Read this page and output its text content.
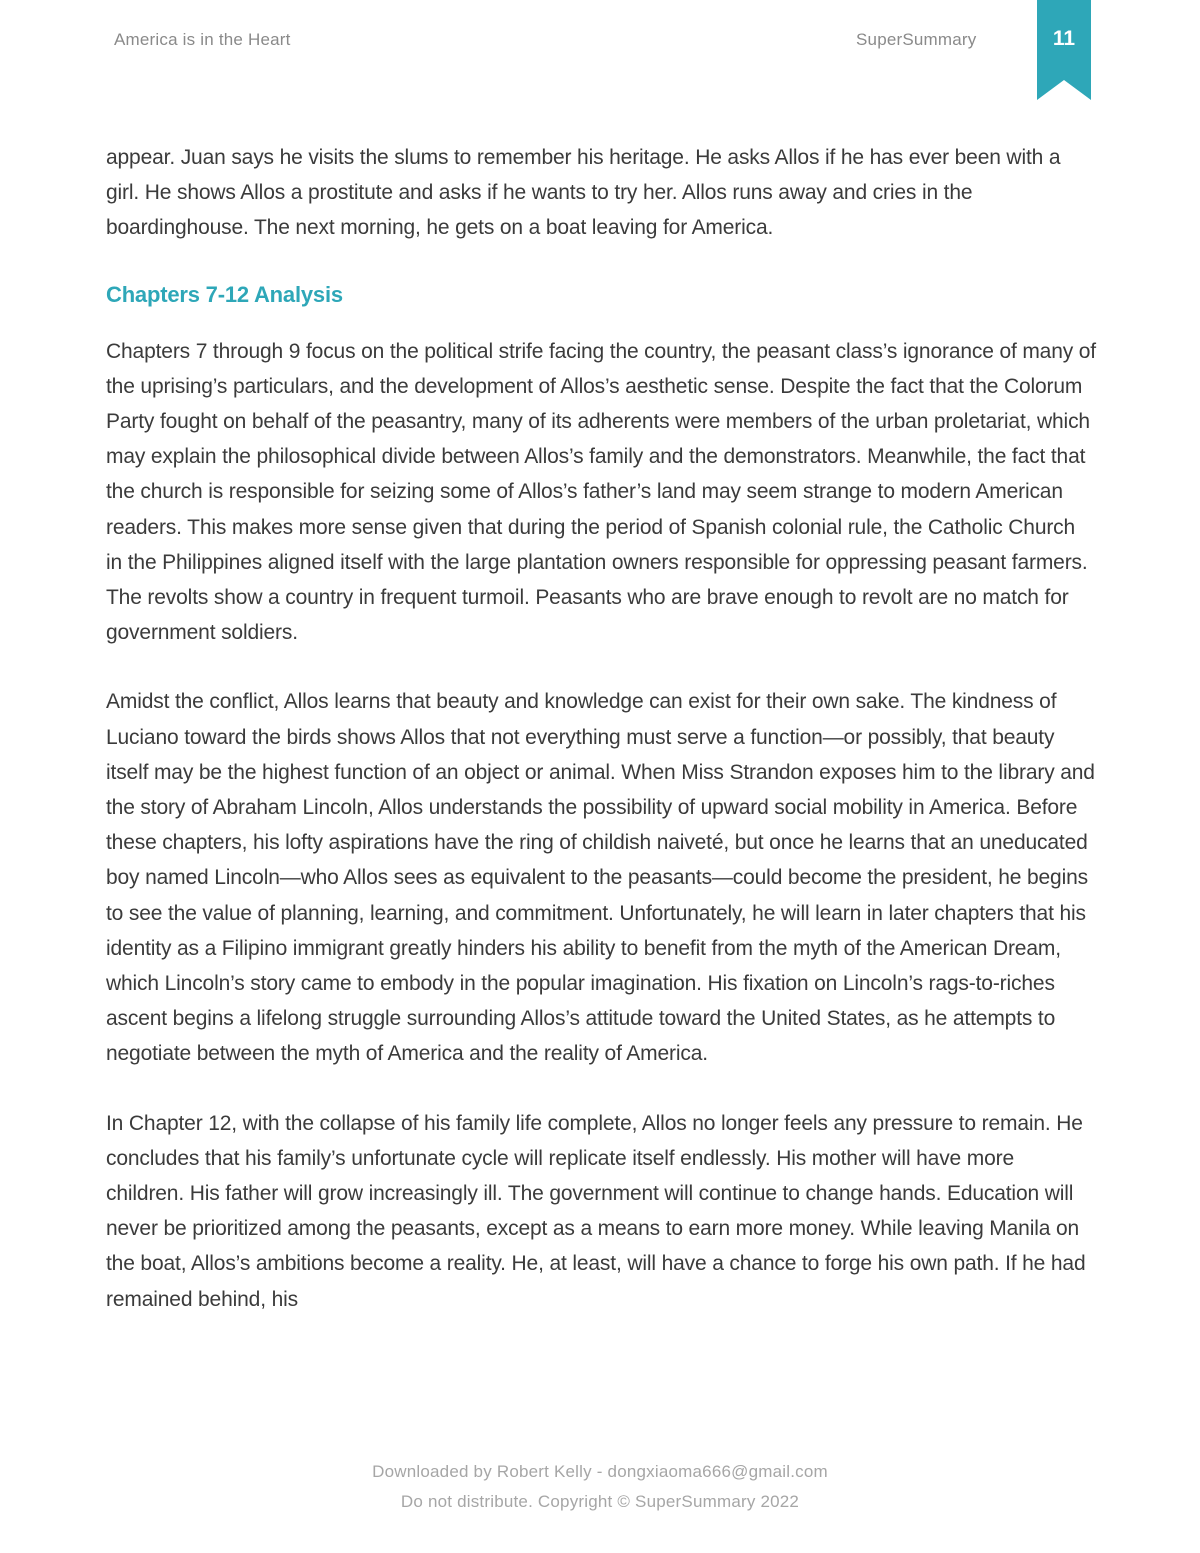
America is in the Heart	SuperSummary	11

appear. Juan says he visits the slums to remember his heritage. He asks Allos if he has ever been with a girl. He shows Allos a prostitute and asks if he wants to try her. Allos runs away and cries in the boardinghouse. The next morning, he gets on a boat leaving for America.

Chapters 7-12 Analysis

Chapters 7 through 9 focus on the political strife facing the country, the peasant class’s ignorance of many of the uprising’s particulars, and the development of Allos’s aesthetic sense. Despite the fact that the Colorum Party fought on behalf of the peasantry, many of its adherents were members of the urban proletariat, which may explain the philosophical divide between Allos’s family and the demonstrators. Meanwhile, the fact that the church is responsible for seizing some of Allos’s father’s land may seem strange to modern American readers. This makes more sense given that during the period of Spanish colonial rule, the Catholic Church in the Philippines aligned itself with the large plantation owners responsible for oppressing peasant farmers. The revolts show a country in frequent turmoil. Peasants who are brave enough to revolt are no match for government soldiers.

Amidst the conflict, Allos learns that beauty and knowledge can exist for their own sake. The kindness of Luciano toward the birds shows Allos that not everything must serve a function—or possibly, that beauty itself may be the highest function of an object or animal. When Miss Strandon exposes him to the library and the story of Abraham Lincoln, Allos understands the possibility of upward social mobility in America. Before these chapters, his lofty aspirations have the ring of childish naiveté, but once he learns that an uneducated boy named Lincoln—who Allos sees as equivalent to the peasants—could become the president, he begins to see the value of planning, learning, and commitment. Unfortunately, he will learn in later chapters that his identity as a Filipino immigrant greatly hinders his ability to benefit from the myth of the American Dream, which Lincoln’s story came to embody in the popular imagination. His fixation on Lincoln’s rags-to-riches ascent begins a lifelong struggle surrounding Allos’s attitude toward the United States, as he attempts to negotiate between the myth of America and the reality of America.

In Chapter 12, with the collapse of his family life complete, Allos no longer feels any pressure to remain. He concludes that his family’s unfortunate cycle will replicate itself endlessly. His mother will have more children. His father will grow increasingly ill. The government will continue to change hands. Education will never be prioritized among the peasants, except as a means to earn more money. While leaving Manila on the boat, Allos’s ambitions become a reality. He, at least, will have a chance to forge his own path. If he had remained behind, his

Downloaded by Robert Kelly - dongxiaoma666@gmail.com
Do not distribute. Copyright © SuperSummary 2022
